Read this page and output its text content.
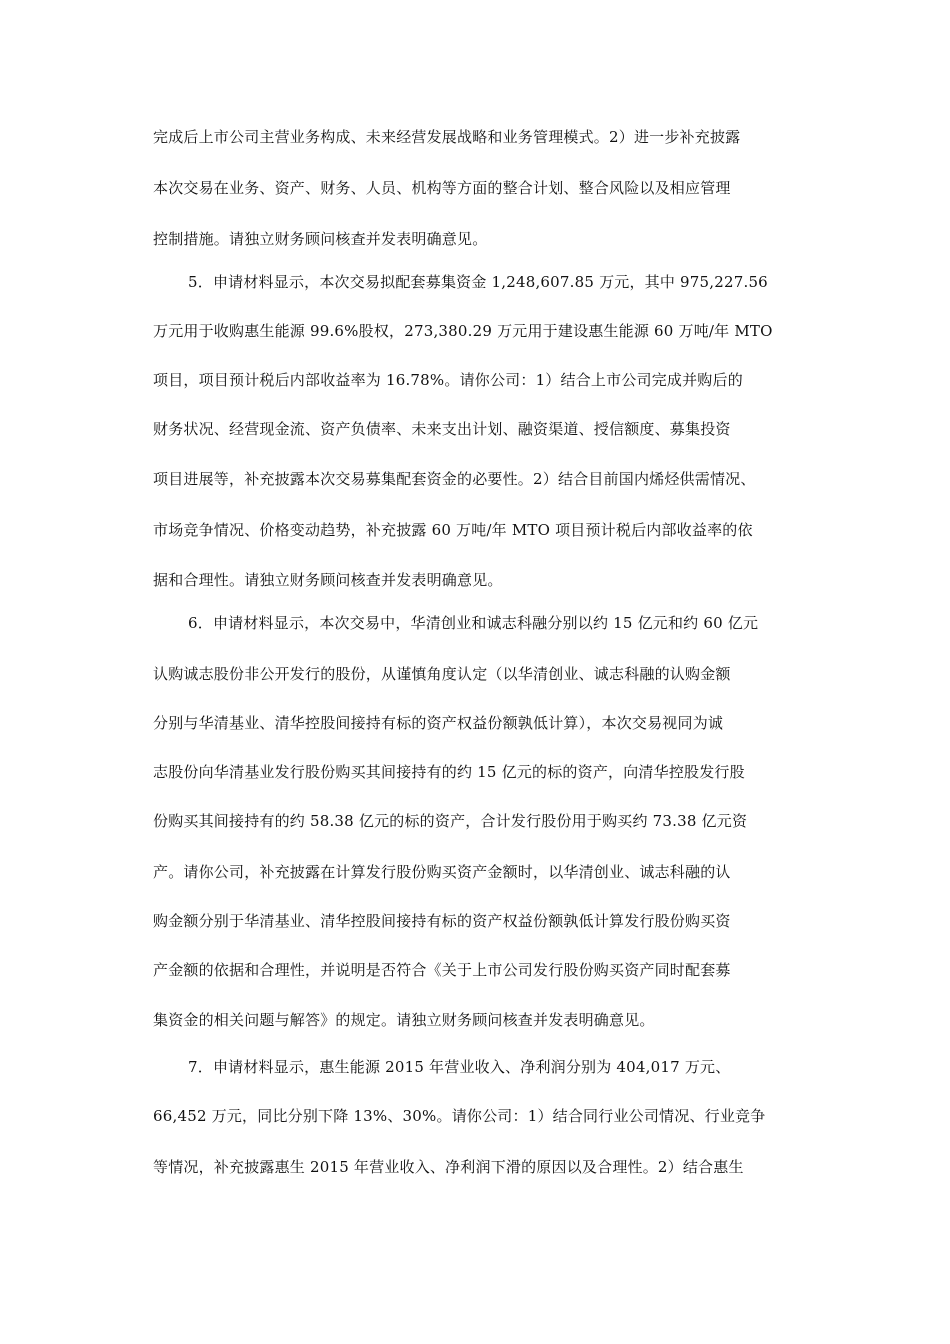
完成后上市公司主营业务构成、未来经营发展战略和业务管理模式。2）进一步补充披露
本次交易在业务、资产、财务、人员、机构等方面的整合计划、整合风险以及相应管理
控制措施。请独立财务顾问核查并发表明确意见。
5．申请材料显示，本次交易拟配套募集资金 1,248,607.85 万元，其中 975,227.56
万元用于收购惠生能源 99.6%股权，273,380.29 万元用于建设惠生能源 60 万吨/年 MTO
项目，项目预计税后内部收益率为 16.78%。请你公司：1）结合上市公司完成并购后的
财务状况、经营现金流、资产负债率、未来支出计划、融资渠道、授信额度、募集投资
项目进展等，补充披露本次交易募集配套资金的必要性。2）结合目前国内烯烃供需情况、
市场竞争情况、价格变动趋势，补充披露 60 万吨/年 MTO 项目预计税后内部收益率的依
据和合理性。请独立财务顾问核查并发表明确意见。
6．申请材料显示，本次交易中，华清创业和诚志科融分别以约 15 亿元和约 60 亿元
认购诚志股份非公开发行的股份，从谨慎角度认定（以华清创业、诚志科融的认购金额
分别与华清基业、清华控股间接持有标的资产权益份额孰低计算），本次交易视同为诚
志股份向华清基业发行股份购买其间接持有的约 15 亿元的标的资产，向清华控股发行股
份购买其间接持有的约 58.38 亿元的标的资产，合计发行股份用于购买约 73.38 亿元资
产。请你公司，补充披露在计算发行股份购买资产金额时，以华清创业、诚志科融的认
购金额分别于华清基业、清华控股间接持有标的资产权益份额孰低计算发行股份购买资
产金额的依据和合理性，并说明是否符合《关于上市公司发行股份购买资产同时配套募
集资金的相关问题与解答》的规定。请独立财务顾问核查并发表明确意见。
7．申请材料显示，惠生能源 2015 年营业收入、净利润分别为 404,017 万元、
66,452 万元，同比分别下降 13%、30%。请你公司：1）结合同行业公司情况、行业竞争
等情况，补充披露惠生 2015 年营业收入、净利润下滑的原因以及合理性。2）结合惠生
